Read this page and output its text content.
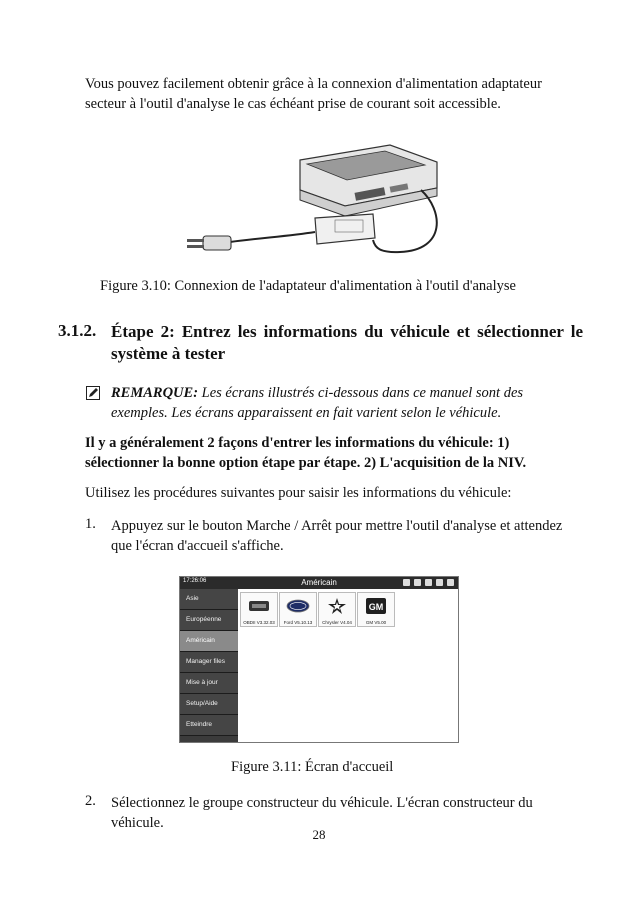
Vous pouvez facilement obtenir grâce à la connexion d'alimentation adaptateur secteur à l'outil d'analyse le cas échéant prise de courant soit accessible.
Figure 3.10: Connexion de l'adaptateur d'alimentation à l'outil d'analyse
3.1.2. Étape 2: Entrez les informations du véhicule et sélectionner le système à tester
REMARQUE: Les écrans illustrés ci-dessous dans ce manuel sont des exemples. Les écrans apparaissent en fait varient selon le véhicule.
Il y a généralement 2 façons d'entrer les informations du véhicule: 1) sélectionner la bonne option étape par étape. 2) L'acquisition de la NIV.
Utilisez les procédures suivantes pour saisir les informations du véhicule:
1. Appuyez sur le bouton Marche / Arrêt pour mettre l'outil d'analyse et attendez que l'écran d'accueil s'affiche.
17:26:06	Américain
Asie
Européenne
Américain
Manager files
Mise à jour
Setup/Aide
Etteindre
OBDII V3.32.03	Ford V5.10.13	Chrysler V4.04
GM
GM V5.00
Figure 3.11: Écran d'accueil
2. Sélectionnez le groupe constructeur du véhicule. L'écran constructeur du véhicule.
28
